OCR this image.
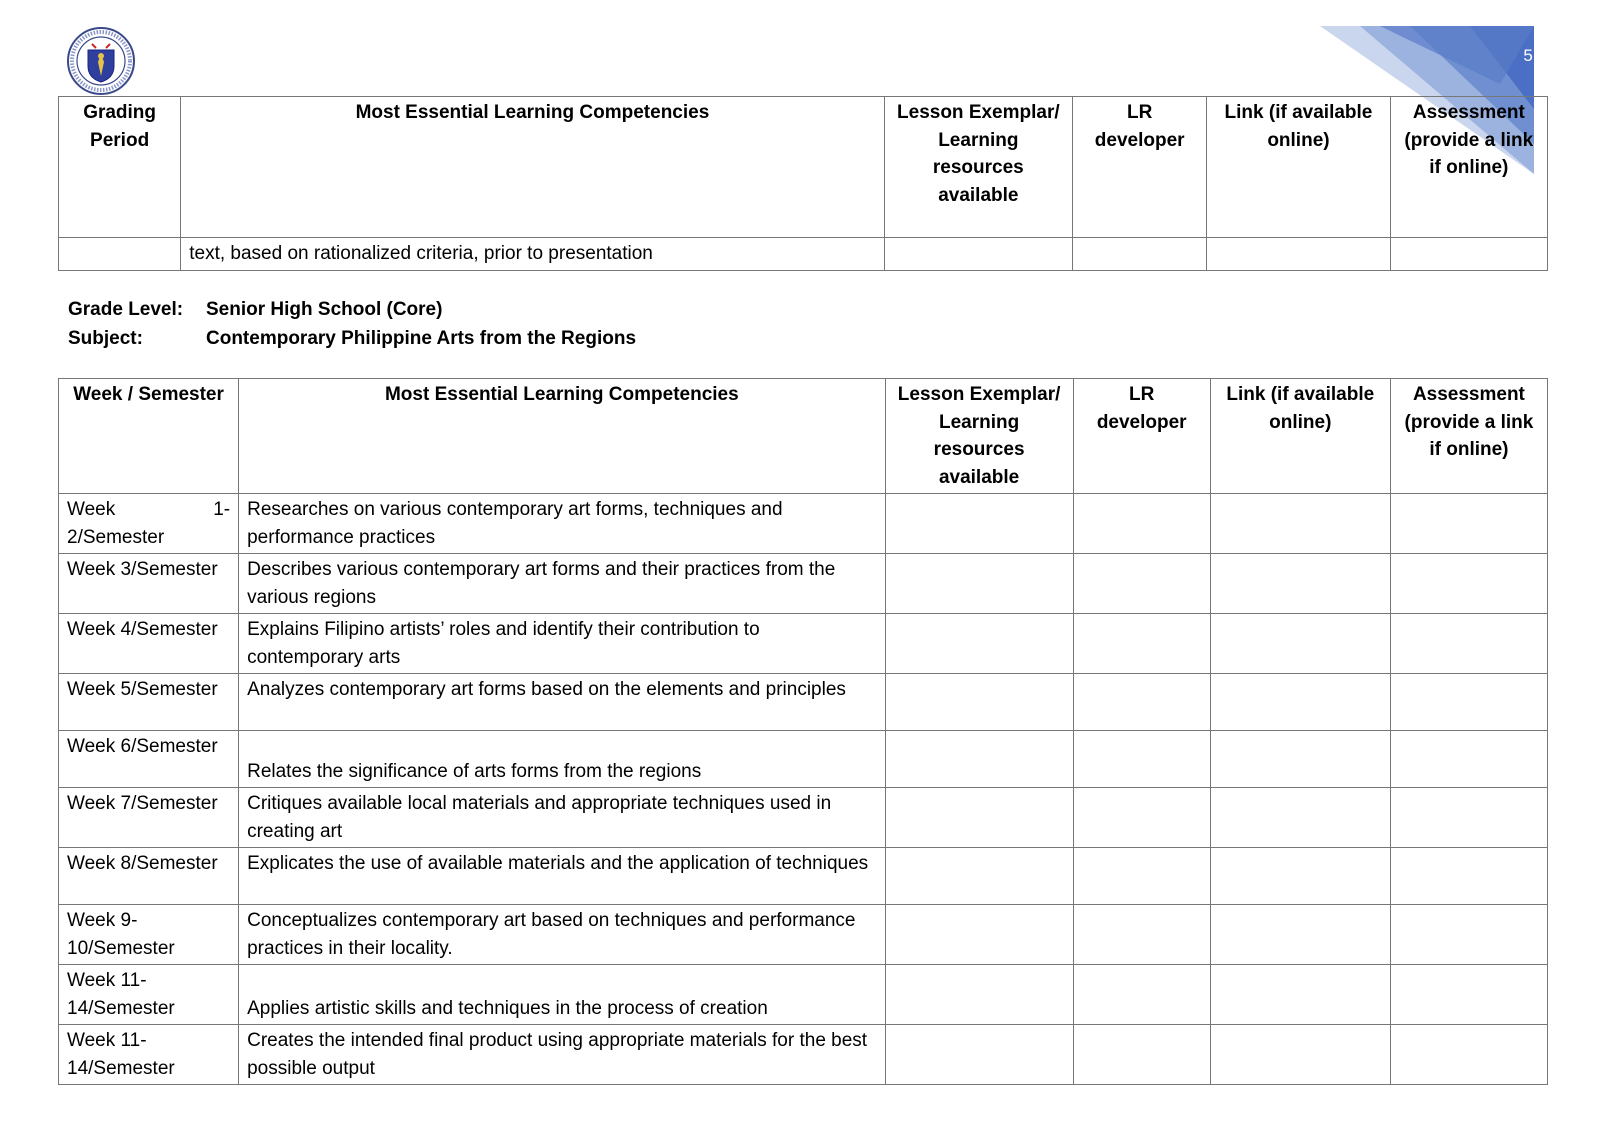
543
Grading Period	Most Essential Learning Competencies	Lesson Exemplar/ Learning resources available	LR developer	Link (if available online)	Assessment (provide a link if online)
	text, based on rationalized criteria, prior to presentation				
Grade Level:	Senior High School (Core)
Subject:	Contemporary Philippine Arts from the Regions
Week / Semester	Most Essential Learning Competencies	Lesson Exemplar/ Learning resources available	LR developer	Link (if available online)	Assessment (provide a link if online)
Week 1-2/Semester	Researches on various contemporary art forms, techniques and performance practices				
Week 3/Semester	Describes various contemporary art forms and their practices from the various regions				
Week 4/Semester	Explains Filipino artists’ roles and identify their contribution to contemporary arts				
Week 5/Semester	Analyzes contemporary art forms based on the elements and principles				
Week 6/Semester	Relates the significance of arts forms from the regions				
Week 7/Semester	Critiques available local materials and appropriate techniques used in creating art				
Week 8/Semester	Explicates the use of available materials and the application of techniques				
Week 9-10/Semester	Conceptualizes contemporary art based on techniques and performance practices in their locality.				
Week 11-14/Semester	Applies artistic skills and techniques in the process of creation				
Week 11-14/Semester	Creates the intended final product using appropriate materials for the best possible output				
